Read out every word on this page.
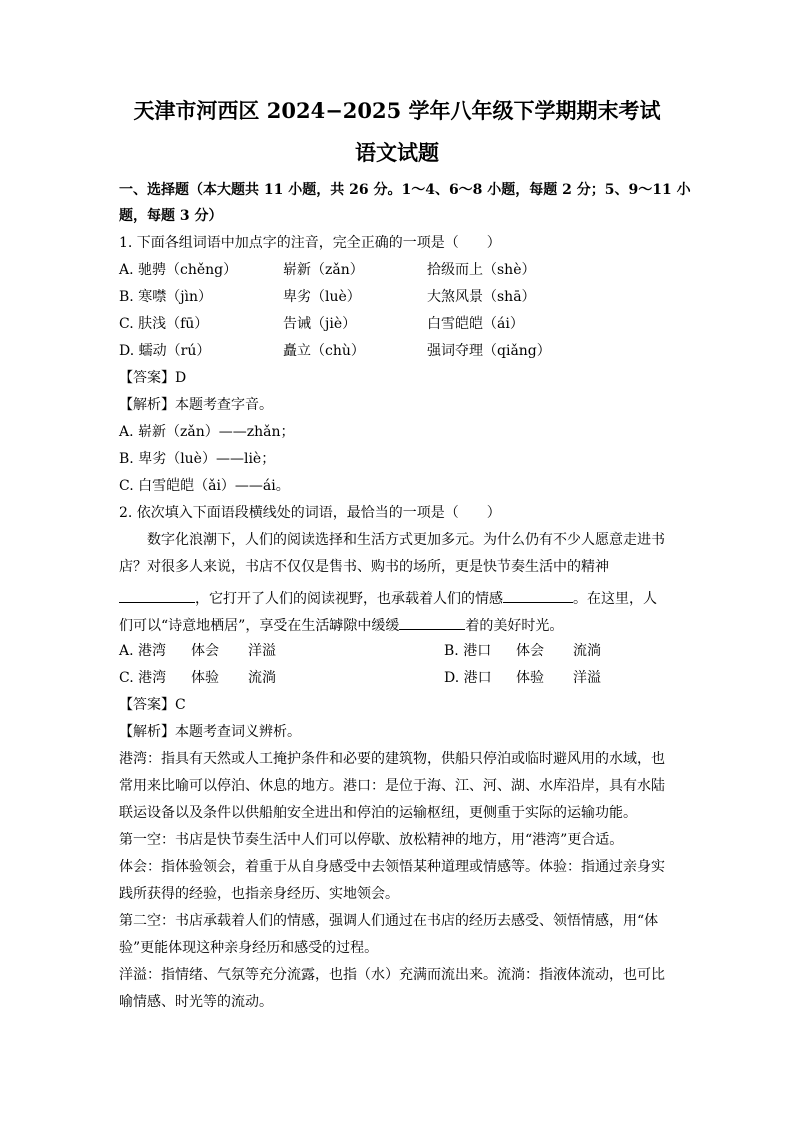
天津市河西区 2024−2025 学年八年级下学期期末考试
语文试题
一、选择题（本大题共 11 小题，共 26 分。1～4、6～8 小题，每题 2 分；5、9～11 小
题，每题 3 分）
1. 下面各组词语中加点字的注音，完全正确的一项是（　　）
A. 驰骋（chěng）	崭新（zǎn）	拾级而上（shè）
B. 寒噤（jìn）	卑劣（luè）	大煞风景（shā）
C. 肤浅（fū）	告诫（jiè）	白雪皑皑（ái）
D. 蠕动（rú）	矗立（chù）	强词夺理（qiǎng）
【答案】D
【解析】本题考查字音。
A. 崭新（zǎn）——zhǎn；
B. 卑劣（luè）——liè；
C. 白雪皑皑（ǎi）——ái。
2. 依次填入下面语段横线处的词语，最恰当的一项是（　　）
数字化浪潮下，人们的阅读选择和生活方式更加多元。为什么仍有不少人愿意走进书
店？对很多人来说，书店不仅仅是售书、购书的场所，更是快节奏生活中的精神
，它打开了人们的阅读视野，也承载着人们的情感	。在这里，人
们可以“诗意地栖居”，享受在生活罅隙中缓缓	着的美好时光。
A. 港湾 体会 洋溢	B. 港口 体会 流淌
C. 港湾 体验 流淌	D. 港口 体验 洋溢
【答案】C
【解析】本题考查词义辨析。
港湾：指具有天然或人工掩护条件和必要的建筑物，供船只停泊或临时避风用的水域，也
常用来比喻可以停泊、休息的地方。港口：是位于海、江、河、湖、水库沿岸，具有水陆
联运设备以及条件以供船舶安全进出和停泊的运输枢纽，更侧重于实际的运输功能。
第一空：书店是快节奏生活中人们可以停歇、放松精神的地方，用“港湾”更合适。
体会：指体验领会，着重于从自身感受中去领悟某种道理或情感等。体验：指通过亲身实
践所获得的经验，也指亲身经历、实地领会。
第二空：书店承载着人们的情感，强调人们通过在书店的经历去感受、领悟情感，用“体
验”更能体现这种亲身经历和感受的过程。
洋溢：指情绪、气氛等充分流露，也指（水）充满而流出来。流淌：指液体流动，也可比
喻情感、时光等的流动。
